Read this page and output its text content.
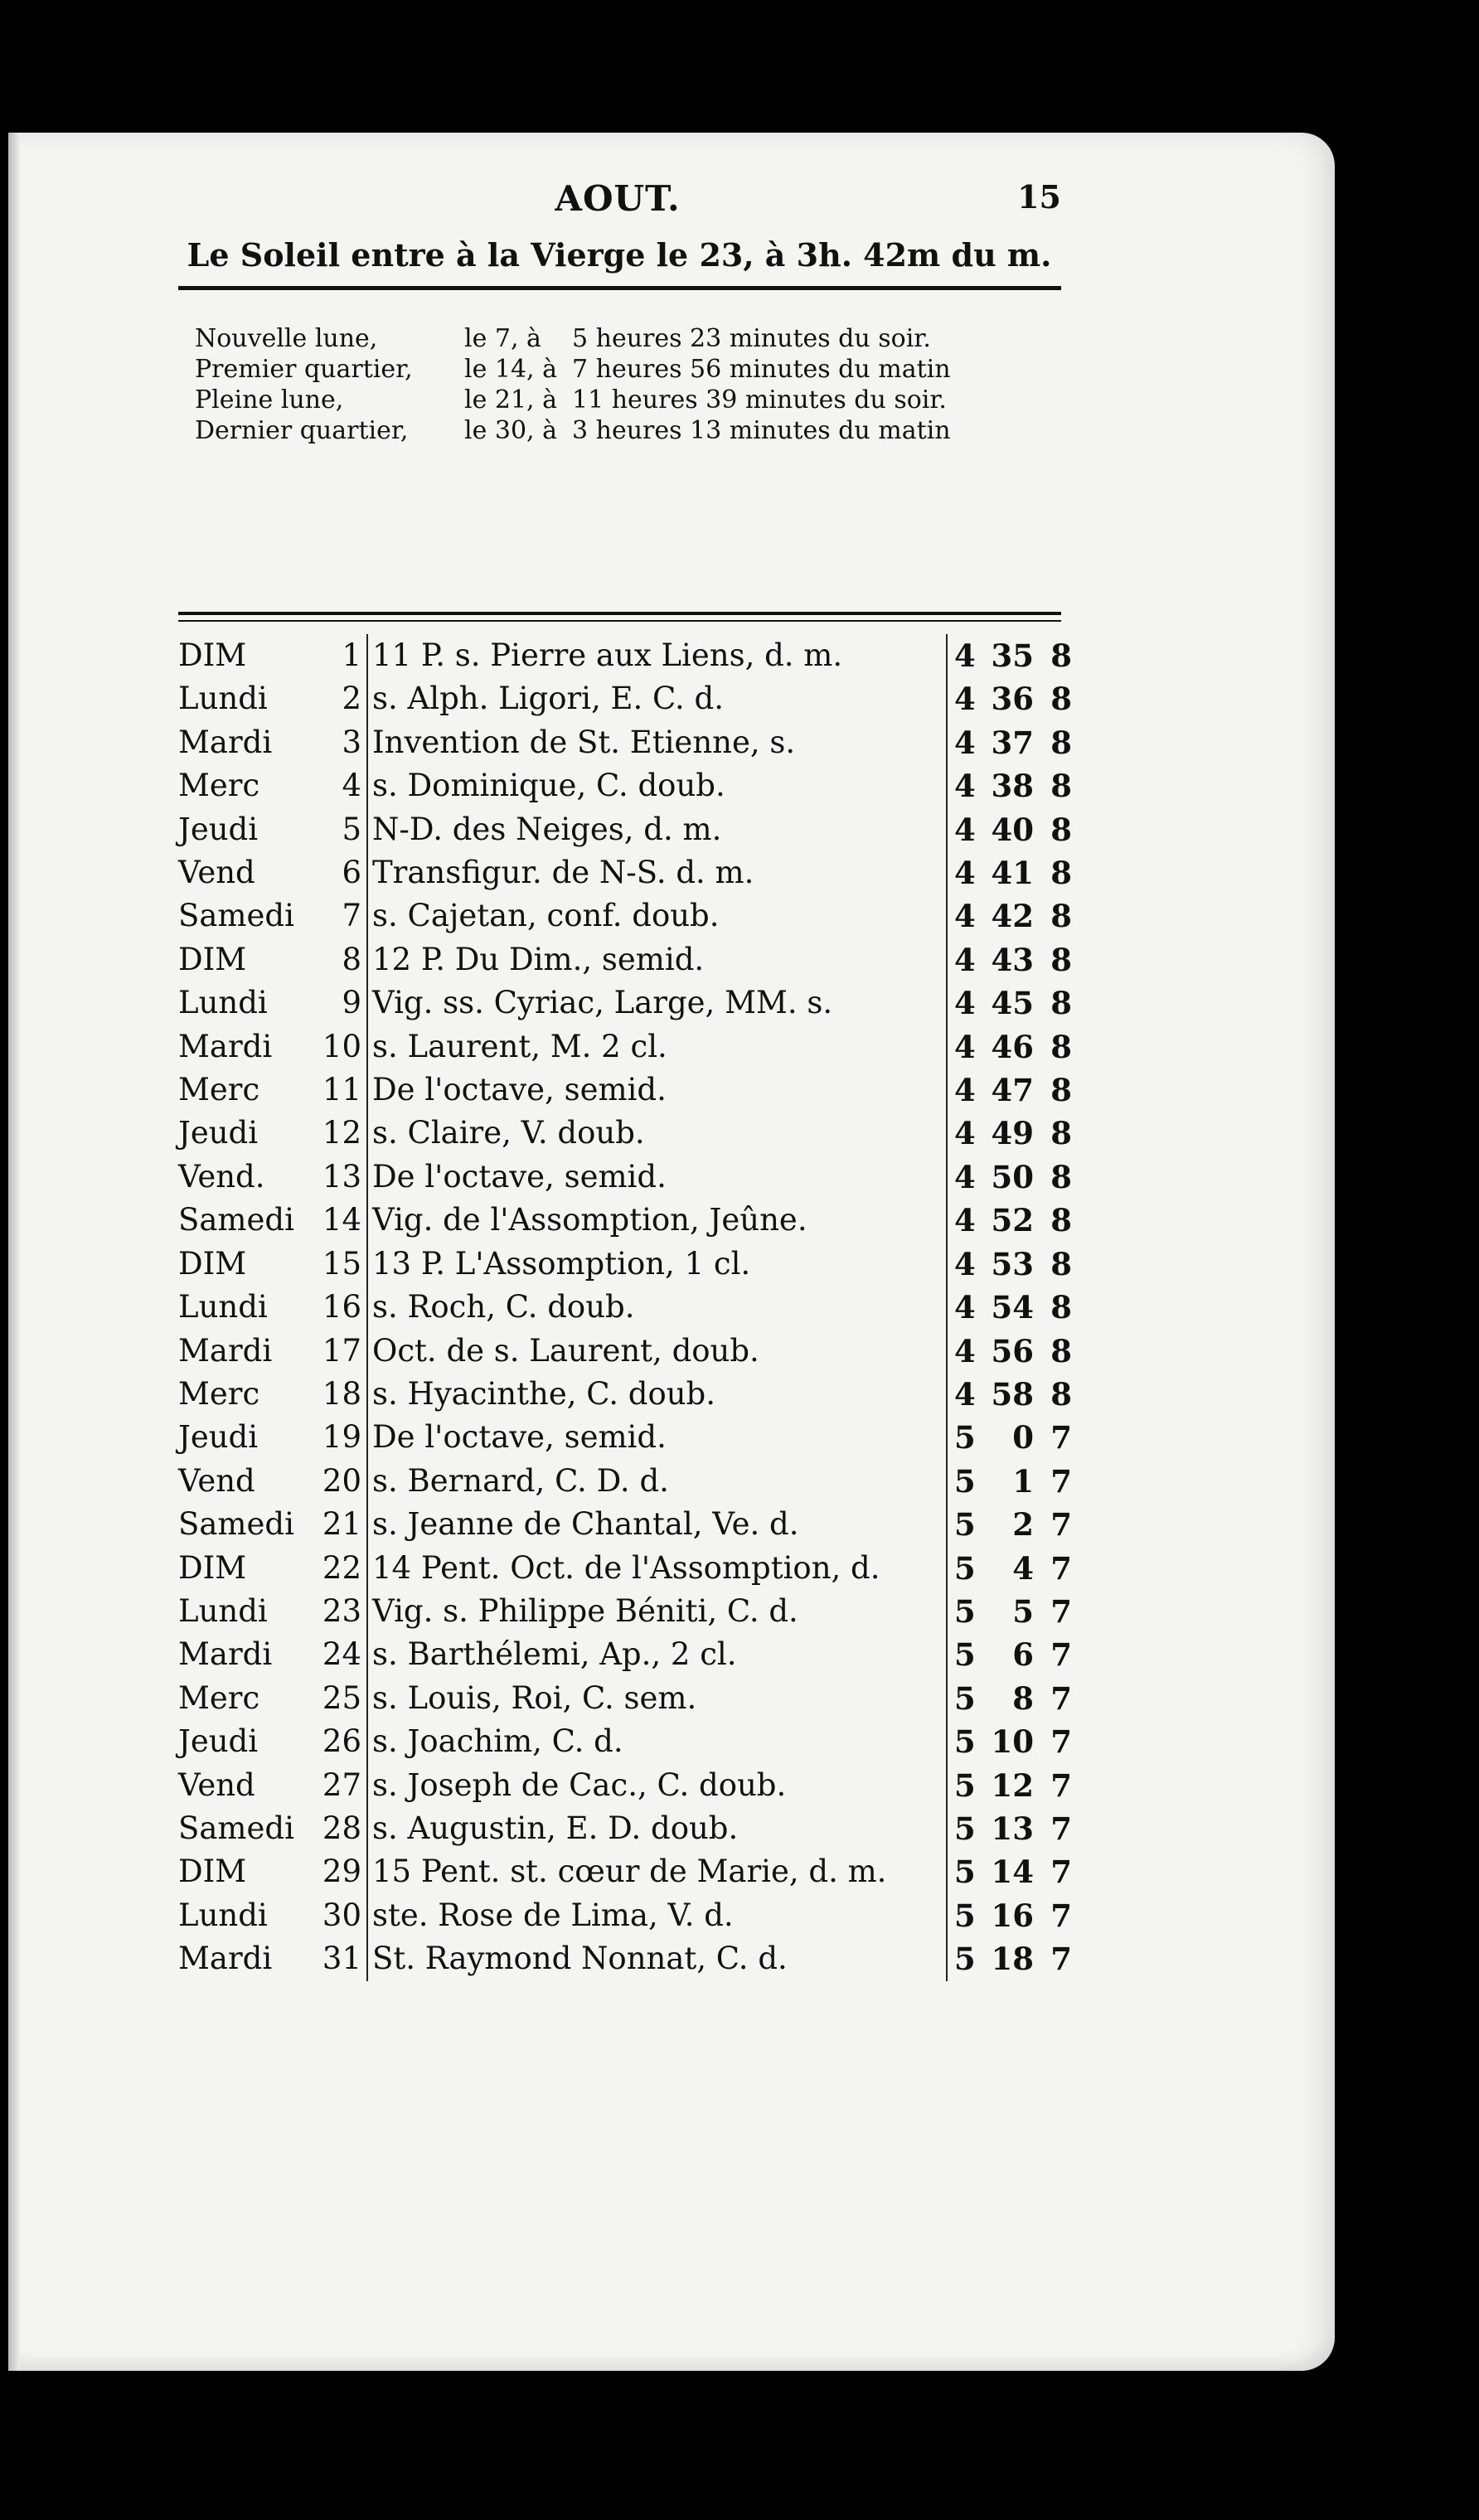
AOUT.	15
Le Soleil entre à la Vierge le 23, à 3h. 42m du m.
Nouvelle lune,	le 7, à	5 heures 23 minutes du soir.
Premier quartier,	le 14, à 7 heures 56 minutes du matin
Pleine lune,	le 21, à 11 heures 39 minutes du soir.
Dernier quartier,	le 30, à 3 heures 13 minutes du matin
DIM	1	11 P. s. Pierre aux Liens, d. m.	4	35	8
Lundi	2	s. Alph. Ligori, E. C. d.	4	36	8
Mardi	3	Invention de St. Etienne, s.	4	37	8
Merc	4	s. Dominique, C. doub.	4	38	8
Jeudi	5	N-D. des Neiges, d. m.	4	40	8
Vend	6	Transfigur. de N-S. d. m.	4	41	8
Samedi	7	s. Cajetan, conf. doub.	4	42	8
DIM	8	12 P. Du Dim., semid.	4	43	8
Lundi	9	Vig. ss. Cyriac, Large, MM. s.	4	45	8
Mardi	10	s. Laurent, M. 2 cl.	4	46	8
Merc	11	De l'octave, semid.	4	47	8
Jeudi	12	s. Claire, V. doub.	4	49	8
Vend.	13	De l'octave, semid.	4	50	8
Samedi	14	Vig. de l'Assomption, Jeûne.	4	52	8
DIM	15	13 P. L'Assomption, 1 cl.	4	53	8
Lundi	16	s. Roch, C. doub.	4	54	8
Mardi	17	Oct. de s. Laurent, doub.	4	56	8
Merc	18	s. Hyacinthe, C. doub.	4	58	8
Jeudi	19	De l'octave, semid.	5	0	7
Vend	20	s. Bernard, C. D. d.	5	1	7
Samedi	21	s. Jeanne de Chantal, Ve. d.	5	2	7
DIM	22	14 Pent. Oct. de l'Assomption, d.	5	4	7
Lundi	23	Vig. s. Philippe Béniti, C. d.	5	5	7
Mardi	24	s. Barthélemi, Ap., 2 cl.	5	6	7
Merc	25	s. Louis, Roi, C. sem.	5	8	7
Jeudi	26	s. Joachim, C. d.	5	10	7
Vend	27	s. Joseph de Cac., C. doub.	5	12	7
Samedi	28	s. Augustin, E. D. doub.	5	13	7
DIM	29	15 Pent. st. cœur de Marie, d. m.	5	14	7
Lundi	30	ste. Rose de Lima, V. d.	5	16	7
Mardi	31	St. Raymond Nonnat, C. d.	5	18	7
